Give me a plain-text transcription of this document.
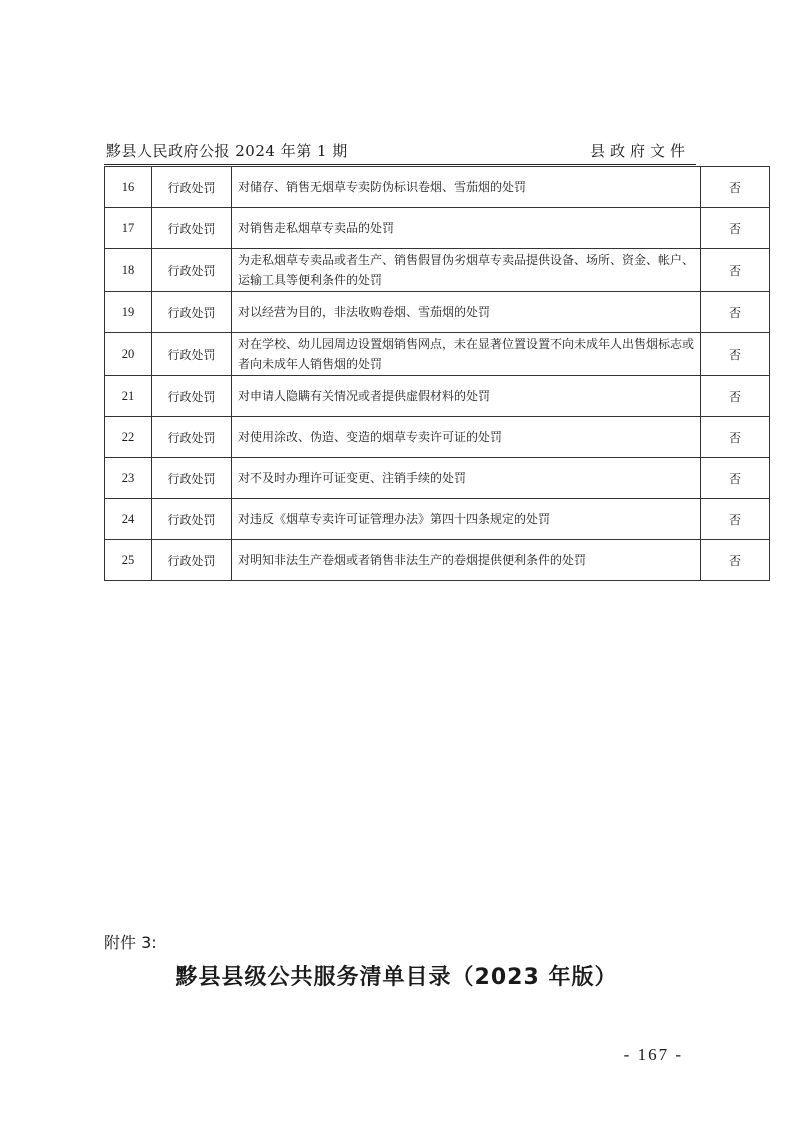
黟县人民政府公报 2024 年第 1 期	县政府文件
16	行政处罚	对储存、销售无烟草专卖防伪标识卷烟、雪茄烟的处罚	否
17	行政处罚	对销售走私烟草专卖品的处罚	否
18	行政处罚	为走私烟草专卖品或者生产、销售假冒伪劣烟草专卖品提供设备、场所、资金、帐户、运输工具等便利条件的处罚	否
19	行政处罚	对以经营为目的，非法收购卷烟、雪茄烟的处罚	否
20	行政处罚	对在学校、幼儿园周边设置烟销售网点，未在显著位置设置不向未成年人出售烟标志或者向未成年人销售烟的处罚	否
21	行政处罚	对申请人隐瞒有关情况或者提供虚假材料的处罚	否
22	行政处罚	对使用涂改、伪造、变造的烟草专卖许可证的处罚	否
23	行政处罚	对不及时办理许可证变更、注销手续的处罚	否
24	行政处罚	对违反《烟草专卖许可证管理办法》第四十四条规定的处罚	否
25	行政处罚	对明知非法生产卷烟或者销售非法生产的卷烟提供便利条件的处罚	否
附件 3:
黟县县级公共服务清单目录（2023 年版）
- 167 -
